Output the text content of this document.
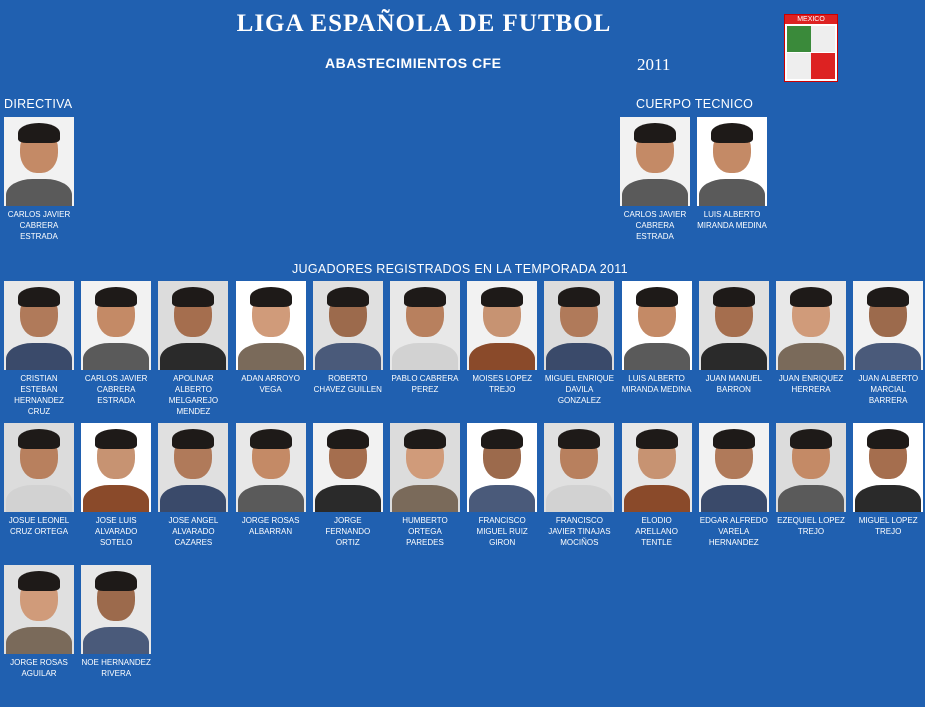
LIGA ESPAÑOLA DE FUTBOL
ABASTECIMIENTOS CFE	2011
MEXICO
DIRECTIVA	CUERPO TECNICO
JUGADORES REGISTRADOS EN LA TEMPORADA 2011
CARLOS JAVIER CABRERA ESTRADA
CARLOS JAVIER CABRERA ESTRADA
LUIS ALBERTO MIRANDA MEDINA
CRISTIAN ESTEBAN HERNANDEZ CRUZ
CARLOS JAVIER CABRERA ESTRADA
APOLINAR ALBERTO MELGAREJO MENDEZ
ADAN ARROYO VEGA
ROBERTO CHAVEZ GUILLEN
PABLO CABRERA PEREZ
MOISES LOPEZ TREJO
MIGUEL ENRIQUE DAVILA GONZALEZ
LUIS ALBERTO MIRANDA MEDINA
JUAN MANUEL BARRON
JUAN ENRIQUEZ HERRERA
JUAN ALBERTO MARCIAL BARRERA
JOSUE LEONEL CRUZ ORTEGA
JOSE LUIS ALVARADO SOTELO
JOSE ANGEL ALVARADO CAZARES
JORGE ROSAS ALBARRAN
JORGE FERNANDO ORTIZ
HUMBERTO ORTEGA PAREDES
FRANCISCO MIGUEL RUIZ GIRON
FRANCISCO JAVIER TINAJAS MOCIÑOS
ELODIO ARELLANO TENTLE
EDGAR ALFREDO VARELA HERNANDEZ
EZEQUIEL LOPEZ TREJO
MIGUEL LOPEZ TREJO
JORGE ROSAS AGUILAR
NOE HERNANDEZ RIVERA
